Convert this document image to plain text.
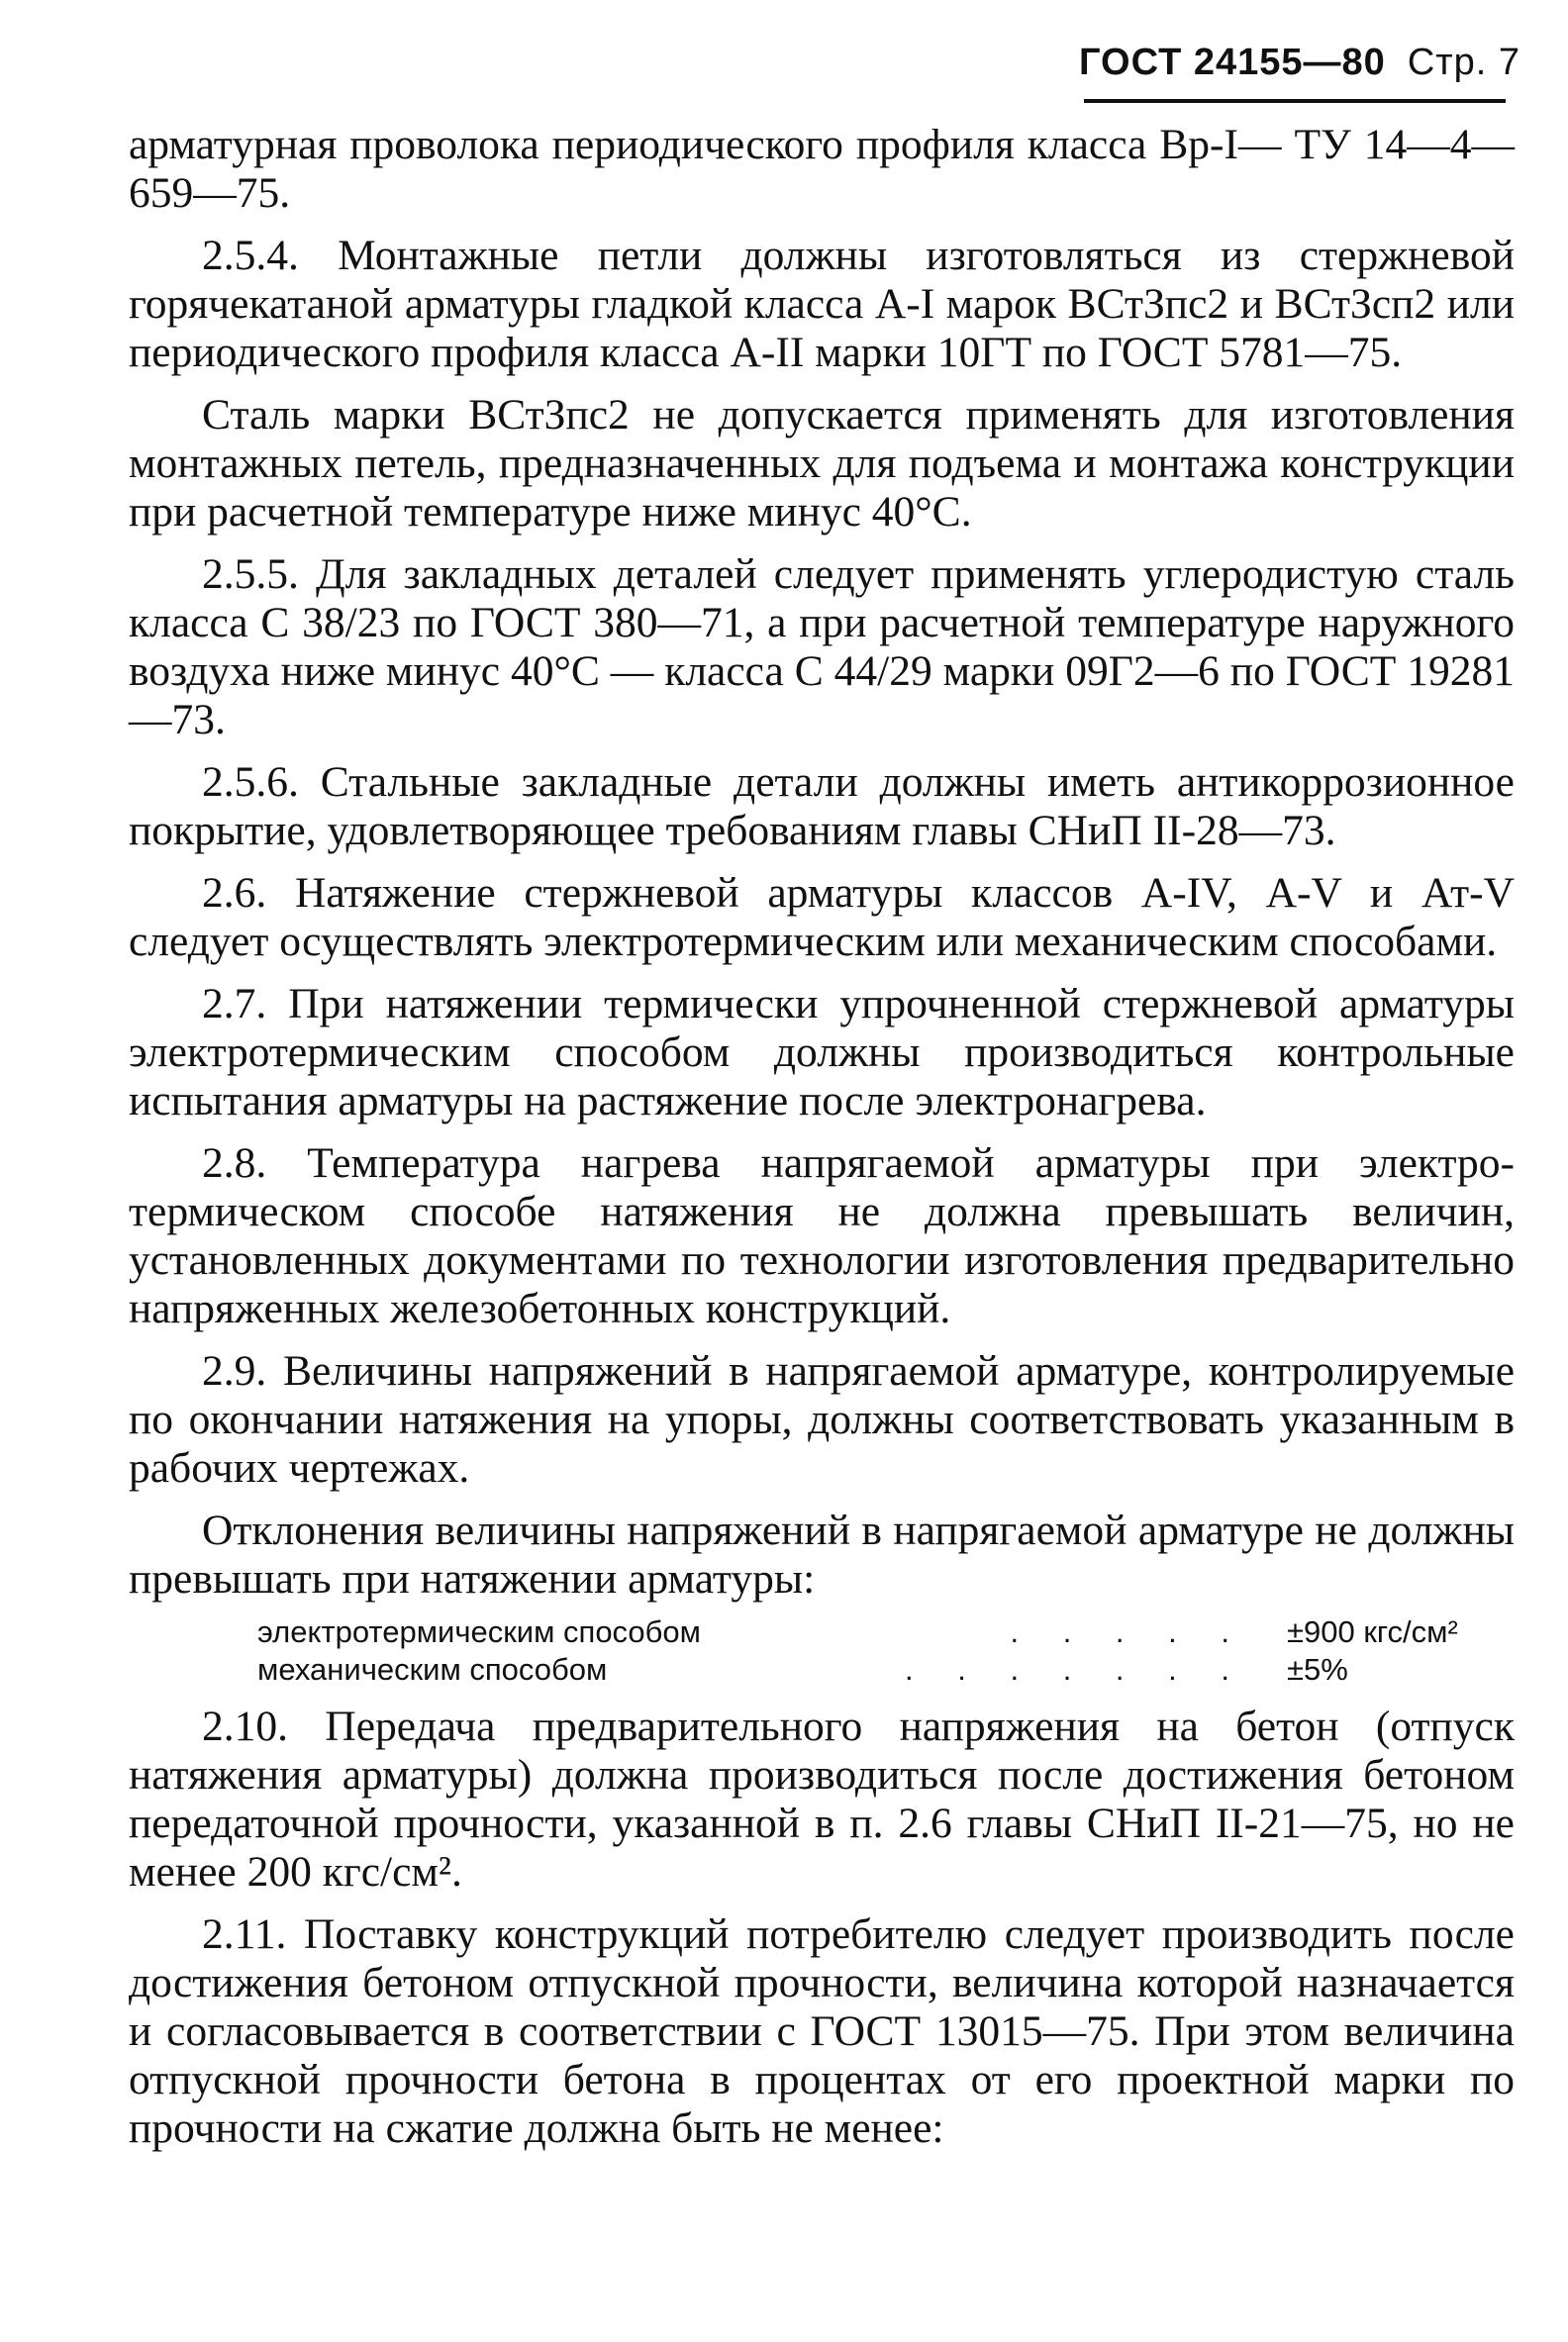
ГОСТ 24155—80 Стр. 7

арматурная проволока периодического профиля класса Вр-I— ТУ 14—4—659—75.

2.5.4. Монтажные петли должны изготовляться из стержневой горячекатаной арматуры гладкой класса А-I марок ВСтЗпс2 и ВСтЗсп2 или периодического профиля класса А-II марки 10ГТ по ГОСТ 5781—75.

Сталь марки ВСтЗпс2 не допускается применять для изготовления монтажных петель, предназначенных для подъема и монтажа конструкции при расчетной температуре ниже минус 40°С.

2.5.5. Для закладных деталей следует применять углеродистую сталь класса С 38/23 по ГОСТ 380—71, а при расчетной температуре наружного воздуха ниже минус 40°С — класса С 44/29 марки 09Г2—6 по ГОСТ 19281—73.

2.5.6. Стальные закладные детали должны иметь антикоррозионное покрытие, удовлетворяющее требованиям главы СНиП II-28—73.

2.6. Натяжение стержневой арматуры классов А-IV, А-V и Ат-V следует осуществлять электротермическим или механическим способами.

2.7. При натяжении термически упрочненной стержневой арматуры электротермическим способом должны производиться контрольные испытания арматуры на растяжение после электронагрева.

2.8. Температура нагрева напрягаемой арматуры при электротермическом способе натяжения не должна превышать величин, установленных документами по технологии изготовления предварительно напряженных железобетонных конструкций.

2.9. Величины напряжений в напрягаемой арматуре, контролируемые по окончании натяжения на упоры, должны соответствовать указанным в рабочих чертежах.

Отклонения величины напряжений в напрягаемой арматуре не должны превышать при натяжении арматуры:

электротермическим способом	. . . . .	±900 кгс/см²
механическим способом	. . . . . . .	±5%

2.10. Передача предварительного напряжения на бетон (отпуск натяжения арматуры) должна производиться после достижения бетоном передаточной прочности, указанной в п. 2.6 главы СНиП II-21—75, но не менее 200 кгс/см².

2.11. Поставку конструкций потребителю следует производить после достижения бетоном отпускной прочности, величина которой назначается и согласовывается в соответствии с ГОСТ 13015—75. При этом величина отпускной прочности бетона в процентах от его проектной марки по прочности на сжатие должна быть не менее:
